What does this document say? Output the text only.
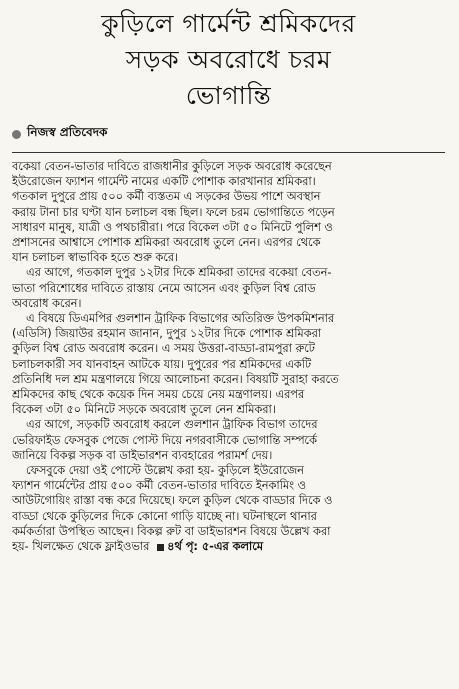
কুড়িলে গার্মেন্ট শ্রমিকদের
সড়ক অবরোধে চরম
ভোগান্তি
নিজস্ব প্রতিবেদক

বকেয়া বেতন-ভাতার দাবিতে রাজধানীর কুড়িলে সড়ক অবরোধ করেছেন
ইউরোজেন ফ্যাশন গার্মেন্ট নামের একটি পোশাক কারখানার শ্রমিকরা।
গতকাল দুপুরে প্রায় ৫০০ কর্মী ব্যস্ততম এ সড়কের উভয় পাশে অবস্থান
করায় টানা চার ঘণ্টা যান চলাচল বন্ধ ছিল। ফলে চরম ভোগান্তিতে পড়েন
সাধারণ মানুষ, যাত্রী ও পথচারীরা। পরে বিকেল ৩টা ৫০ মিনিটে পুলিশ ও
প্রশাসনের আশ্বাসে পোশাক শ্রমিকরা অবরোধ তুলে নেন। এরপর থেকে
যান চলাচল স্বাভাবিক হতে শুরু করে।

এর আগে, গতকাল দুপুর ১২টার দিকে শ্রমিকরা তাদের বকেয়া বেতন-
ভাতা পরিশোধের দাবিতে রাস্তায় নেমে আসেন এবং কুড়িল বিশ্ব রোড
অবরোধ করেন।

এ বিষয়ে ডিএমপির গুলশান ট্রাফিক বিভাগের অতিরিক্ত উপকমিশনার
(এডিসি) জিয়াউর রহমান জানান, দুপুর ১২টার দিকে পোশাক শ্রমিকরা
কুড়িল বিশ্ব রোড অবরোধ করেন। এ সময় উত্তরা-বাড্ডা-রামপুরা রুটে
চলাচলকারী সব যানবাহন আটকে যায়। দুপুরের পর শ্রমিকদের একটি
প্রতিনিধি দল শ্রম মন্ত্রণালয়ে গিয়ে আলোচনা করেন। বিষয়টি সুরাহা করতে
শ্রমিকদের কাছ থেকে কয়েক দিন সময় চেয়ে নেয় মন্ত্রণালয়। এরপর
বিকেল ৩টা ৫০ মিনিটে সড়কে অবরোধ তুলে নেন শ্রমিকরা।

এর আগে, সড়কটি অবরোধ করলে গুলশান ট্রাফিক বিভাগ তাদের
ভেরিফাইড ফেসবুক পেজে পোস্ট দিয়ে নগরবাসীকে ভোগান্তি সম্পর্কে
জানিয়ে বিকল্প সড়ক বা ডাইভারশন ব্যবহারের পরামর্শ দেয়।

ফেসবুকে দেয়া ওই পোস্টে উল্লেখ করা হয়- কুড়িলে ইউরোজেন
ফ্যাশন গার্মেন্টের প্রায় ৫০০ কর্মী বেতন-ভাতার দাবিতে ইনকামিং ও
আউটগোয়িং রাস্তা বন্ধ করে দিয়েছে। ফলে কুড়িল থেকে বাড্ডার দিকে ও
বাড্ডা থেকে কুড়িলের দিকে কোনো গাড়ি যাচ্ছে না। ঘটনাস্থলে থানার
কর্মকর্তারা উপস্থিত আছেন। বিকল্প রুট বা ডাইভারশন বিষয়ে উল্লেখ করা
হয়- খিলক্ষেত থেকে ফ্লাইওভার ৪র্থ পৃ: ৫-এর কলামে
